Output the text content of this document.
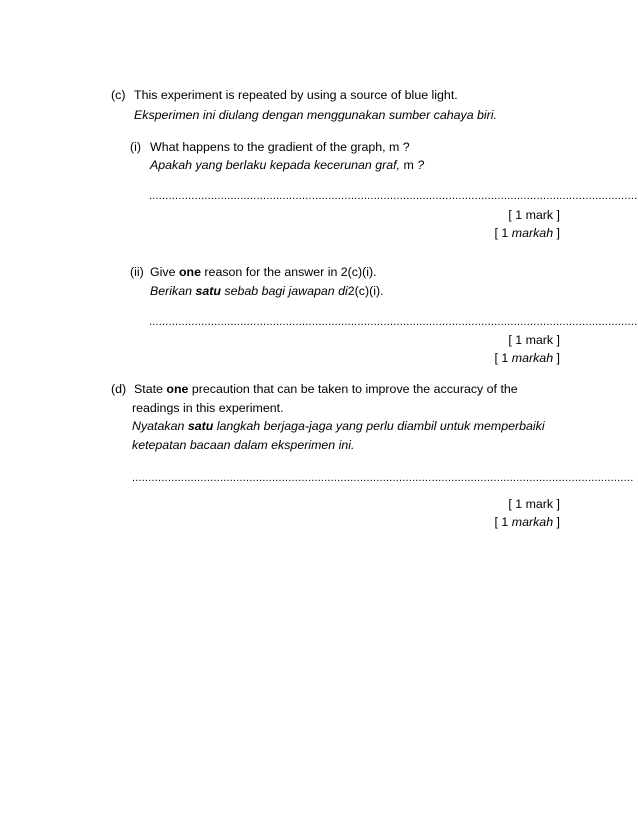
(c) This experiment is repeated by using a source of blue light.
Eksperimen ini diulang dengan menggunakan sumber cahaya biri.
(i) What happens to the gradient of the graph, m ?
Apakah yang berlaku kepada kecerunan graf, m ?
......................................................................................................................................................
[ 1 mark ]
[ 1 markah ]
(ii) Give one reason for the answer in 2(c)(i).
Berikan satu sebab bagi jawapan di2(c)(i).
......................................................................................................................................................
[ 1 mark ]
[ 1 markah ]
(d) State one precaution that can be taken to improve the accuracy of the
readings in this experiment.
Nyatakan satu langkah berjaga-jaga yang perlu diambil untuk memperbaiki
ketepatan bacaan dalam eksperimen ini.
..........................................................................................................................................................
[ 1 mark ]
[ 1 markah ]
